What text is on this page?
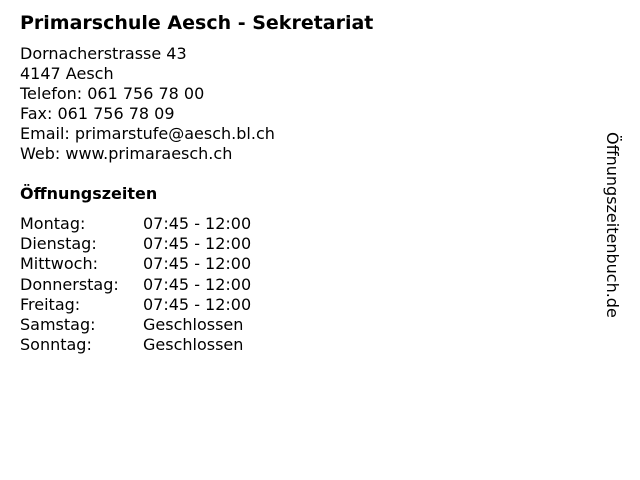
Primarschule Aesch - Sekretariat
Dornacherstrasse 43
4147 Aesch
Telefon: 061 756 78 00
Fax: 061 756 78 09
Email: primarstufe@aesch.bl.ch
Web: www.primaraesch.ch
Öffnungszeiten
Montag:	07:45 - 12:00
Dienstag:	07:45 - 12:00
Mittwoch:	07:45 - 12:00
Donnerstag: 07:45 - 12:00
Freitag:	07:45 - 12:00
Samstag:	Geschlossen
Sonntag:	Geschlossen
Öffnungszeitenbuch.de
